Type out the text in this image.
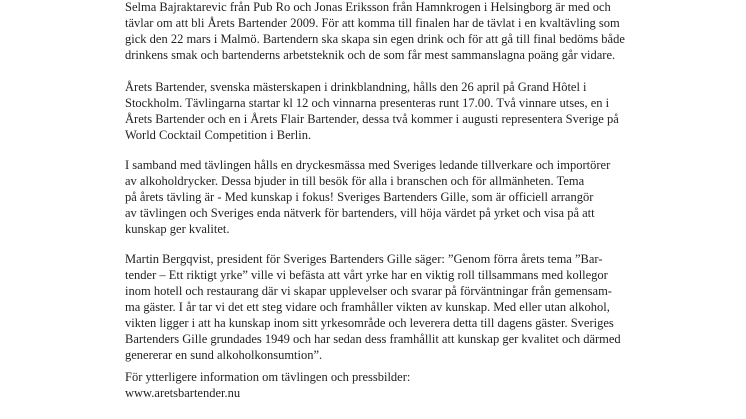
Selma Bajraktarevic från Pub Ro och Jonas Eriksson från Hamnkrogen i Helsingborg är med och
tävlar om att bli Årets Bartender 2009. För att komma till finalen har de tävlat i en kvaltävling som
gick den 22 mars i Malmö. Bartendern ska skapa sin egen drink och för att gå till final bedöms både
drinkens smak och bartenderns arbetsteknik och de som får mest sammanslagna poäng går vidare.
Årets Bartender, svenska mästerskapen i drinkblandning, hålls den 26 april på Grand Hôtel i
Stockholm. Tävlingarna startar kl 12 och vinnarna presenteras runt 17.00. Två vinnare utses, en i
Årets Bartender och en i Årets Flair Bartender, dessa två kommer i augusti representera Sverige på
World Cocktail Competition i Berlin.
I samband med tävlingen hålls en dryckesmässa med Sveriges ledande tillverkare och importörer
av alkoholdrycker. Dessa bjuder in till besök för alla i branschen och för allmänheten. Tema
på årets tävling är - Med kunskap i fokus! Sveriges Bartenders Gille, som är officiell arrangör
av tävlingen och Sveriges enda nätverk för bartenders, vill höja värdet på yrket och visa på att
kunskap ger kvalitet.
Martin Bergqvist, president för Sveriges Bartenders Gille säger: ”Genom förra årets tema ”Bar-
tender – Ett riktigt yrke” ville vi befästa att vårt yrke har en viktig roll tillsammans med kollegor
inom hotell och restaurang där vi skapar upplevelser och svarar på förväntningar från gemensam-
ma gäster. I år tar vi det ett steg vidare och framhåller vikten av kunskap. Med eller utan alkohol,
vikten ligger i att ha kunskap inom sitt yrkesområde och leverera detta till dagens gäster. Sveriges
Bartenders Gille grundades 1949 och har sedan dess framhållit att kunskap ger kvalitet och därmed
genererar en sund alkoholkonsumtion”.
För ytterligere information om tävlingen och pressbilder:
www.aretsbartender.nu
